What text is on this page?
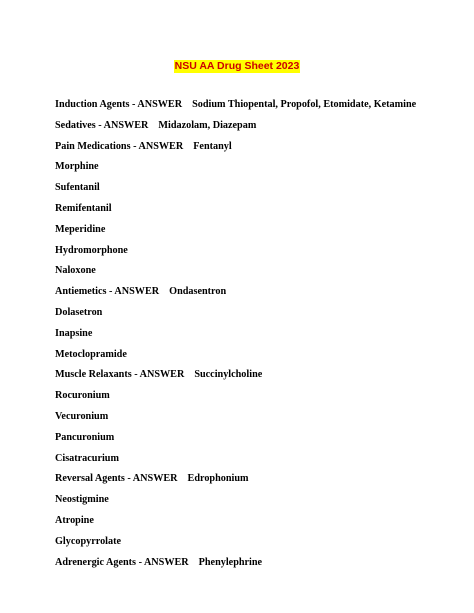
NSU AA Drug Sheet 2023
Induction Agents - ANSWER Sodium Thiopental, Propofol, Etomidate, Ketamine
Sedatives - ANSWER Midazolam, Diazepam
Pain Medications - ANSWER Fentanyl
Morphine
Sufentanil
Remifentanil
Meperidine
Hydromorphone
Naloxone
Antiemetics - ANSWER Ondasentron
Dolasetron
Inapsine
Metoclopramide
Muscle Relaxants - ANSWER Succinylcholine
Rocuronium
Vecuronium
Pancuronium
Cisatracurium
Reversal Agents - ANSWER Edrophonium
Neostigmine
Atropine
Glycopyrrolate
Adrenergic Agents - ANSWER Phenylephrine
